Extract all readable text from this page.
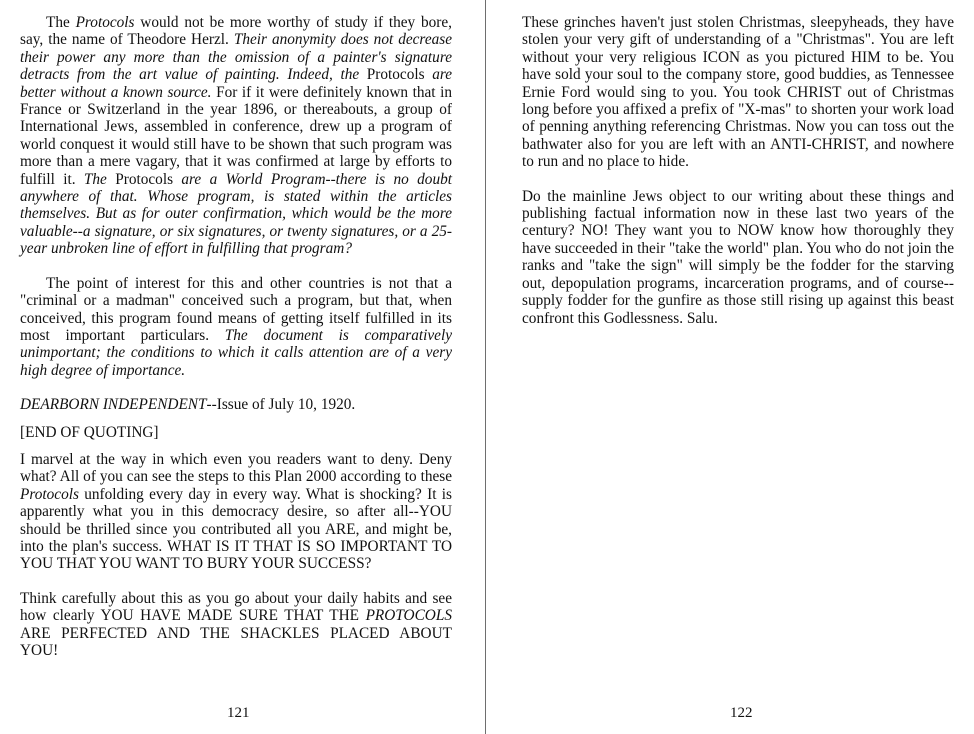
The Protocols would not be more worthy of study if they bore, say, the name of Theodore Herzl. Their anonymity does not decrease their power any more than the omission of a painter's signature detracts from the art value of painting. Indeed, the Protocols are better without a known source. For if it were definitely known that in France or Switzerland in the year 1896, or thereabouts, a group of International Jews, assembled in conference, drew up a program of world conquest it would still have to be shown that such program was more than a mere vagary, that it was confirmed at large by efforts to fulfill it. The Protocols are a World Program--there is no doubt anywhere of that. Whose program, is stated within the articles themselves. But as for outer confirmation, which would be the more valuable--a signature, or six signatures, or twenty signatures, or a 25-year unbroken line of effort in fulfilling that program?

The point of interest for this and other countries is not that a "criminal or a madman" conceived such a program, but that, when conceived, this program found means of getting itself fulfilled in its most important particulars. The document is comparatively unimportant; the conditions to which it calls attention are of a very high degree of importance.

DEARBORN INDEPENDENT--Issue of July 10, 1920.

[END OF QUOTING]

I marvel at the way in which even you readers want to deny. Deny what? All of you can see the steps to this Plan 2000 according to these Protocols unfolding every day in every way. What is shocking? It is apparently what you in this democracy desire, so after all--YOU should be thrilled since you contributed all you ARE, and might be, into the plan's success. WHAT IS IT THAT IS SO IMPORTANT TO YOU THAT YOU WANT TO BURY YOUR SUCCESS?

Think carefully about this as you go about your daily habits and see how clearly YOU HAVE MADE SURE THAT THE PROTOCOLS ARE PERFECTED AND THE SHACKLES PLACED ABOUT YOU!

121

These grinches haven't just stolen Christmas, sleepyheads, they have stolen your very gift of understanding of a "Christmas". You are left without your very religious ICON as you pictured HIM to be. You have sold your soul to the company store, good buddies, as Tennessee Ernie Ford would sing to you. You took CHRIST out of Christmas long before you affixed a prefix of "X-mas" to shorten your work load of penning anything referencing Christmas. Now you can toss out the bathwater also for you are left with an ANTI-CHRIST, and nowhere to run and no place to hide.

Do the mainline Jews object to our writing about these things and publishing factual information now in these last two years of the century? NO! They want you to NOW know how thoroughly they have succeeded in their "take the world" plan. You who do not join the ranks and "take the sign" will simply be the fodder for the starving out, depopulation programs, incarceration programs, and of course--supply fodder for the gunfire as those still rising up against this beast confront this Godlessness. Salu.

122
